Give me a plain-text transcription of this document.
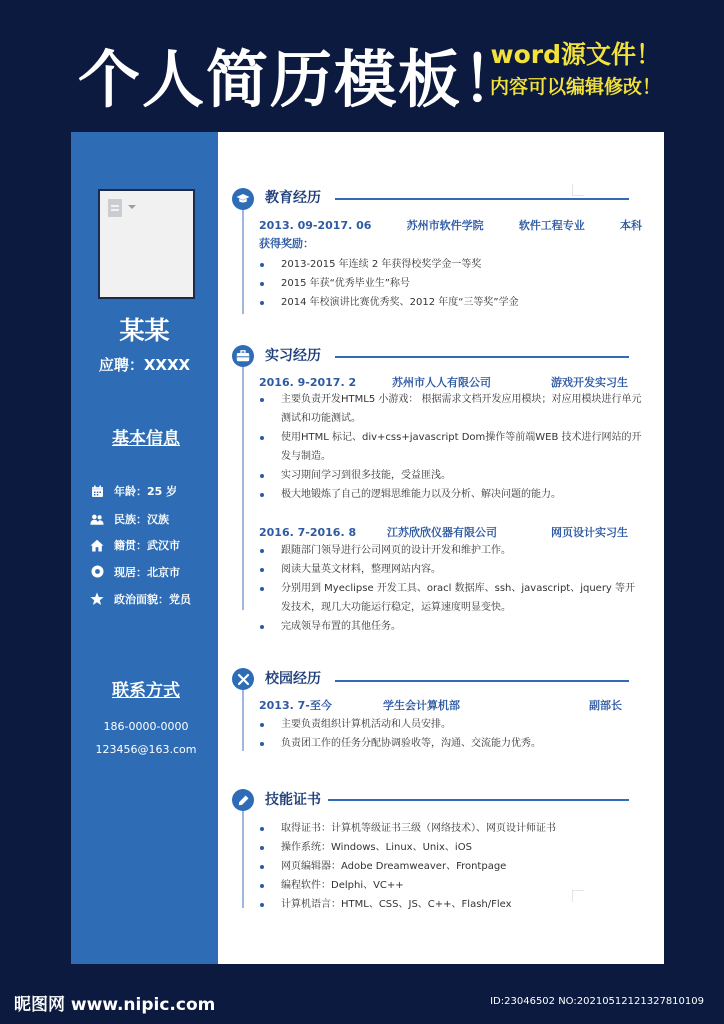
个人简历模板！
word源文件！
内容可以编辑修改！
某某
应聘：XXXX
基本信息
年龄：25 岁
民族：汉族
籍贯：武汉市
现居：北京市
政治面貌：党员
联系方式
186-0000-0000
123456@163.com
教育经历
2013. 09-2017. 06	苏州市软件学院	软件工程专业	本科
获得奖励：
2013-2015 年连续 2 年获得校奖学金一等奖
2015 年获“优秀毕业生”称号
2014 年校演讲比赛优秀奖、2012 年度“三等奖”学金
实习经历
2016. 9-2017. 2	苏州市人人有限公司	游戏开发实习生
主要负责开发HTML5 小游戏： 根据需求文档开发应用模块；对应用模块进行单元测试和功能测试。
使用HTML 标记、div+css+javascript Dom操作等前端WEB 技术进行网站的开发与制造。
实习期间学习到很多技能，受益匪浅。
极大地锻炼了自己的逻辑思维能力以及分析、解决问题的能力。
2016. 7-2016. 8	江苏欣欣仪器有限公司	网页设计实习生
跟随部门领导进行公司网页的设计开发和维护工作。
阅读大量英文材料，整理网站内容。
分别用到 Myeclipse 开发工具、oracl 数据库、ssh、javascript、jquery 等开发技术，现几大功能运行稳定，运算速度明显变快。
完成领导布置的其他任务。
校园经历
2013. 7-至今	学生会计算机部	副部长
主要负责组织计算机活动和人员安排。
负责团工作的任务分配协调验收等，沟通、交流能力优秀。
技能证书
取得证书：计算机等级证书三级（网络技术）、网页设计师证书
操作系统：Windows、Linux、Unix、iOS
网页编辑器：Adobe Dreamweaver、Frontpage
编程软件：Delphi、VC++
计算机语言：HTML、CSS、JS、C++、Flash/Flex
昵图网 www.nipic.com	ID:23046502 NO:20210512121327810109
